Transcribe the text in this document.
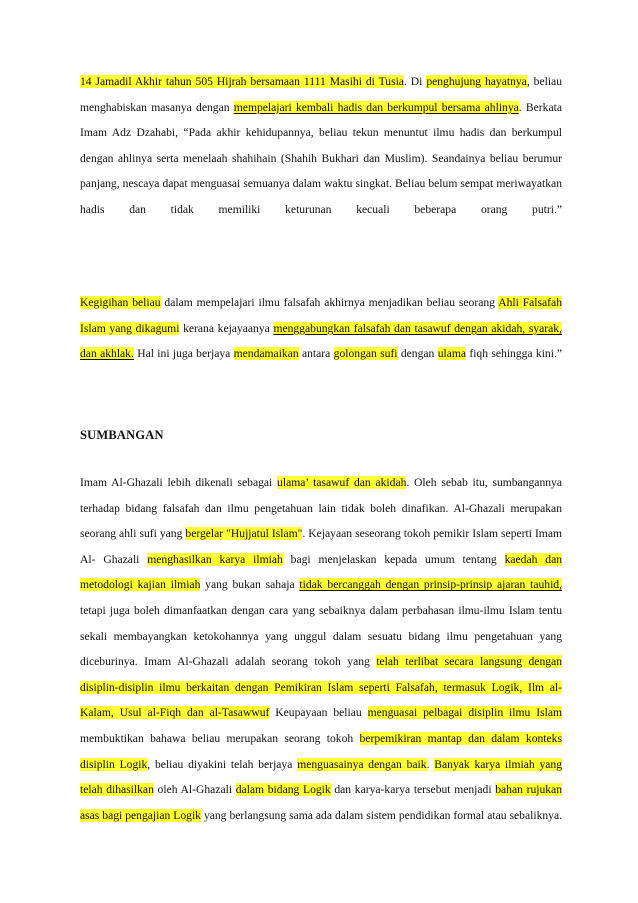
14 Jamadil Akhir tahun 505 Hijrah bersamaan 1111 Masihi di Tusia. Di penghujung hayatnya, beliau menghabiskan masanya dengan mempelajari kembali hadis dan berkumpul bersama ahlinya. Berkata Imam Adz Dzahabi, “Pada akhir kehidupannya, beliau tekun menuntut ilmu hadis dan berkumpul dengan ahlinya serta menelaah shahihain (Shahih Bukhari dan Muslim). Seandainya beliau berumur panjang, nescaya dapat menguasai semuanya dalam waktu singkat. Beliau belum sempat meriwayatkan hadis dan tidak memiliki keturunan kecuali beberapa orang putri.”

Kegigihan beliau dalam mempelajari ilmu falsafah akhirnya menjadikan beliau seorang Ahli Falsafah Islam yang dikagumi kerana kejayaanya menggabungkan falsafah dan tasawuf dengan akidah, syarak, dan akhlak. Hal ini juga berjaya mendamaikan antara golongan sufi dengan ulama fiqh sehingga kini.”

SUMBANGAN

Imam Al-Ghazali lebih dikenali sebagai ulama’ tasawuf dan akidah. Oleh sebab itu, sumbangannya terhadap bidang falsafah dan ilmu pengetahuan lain tidak boleh dinafikan. Al-Ghazali merupakan seorang ahli sufi yang bergelar "Hujjatul Islam". Kejayaan seseorang tokoh pemikir Islam seperti Imam Al- Ghazali menghasilkan karya ilmiah bagi menjelaskan kepada umum tentang kaedah dan metodologi kajian ilmiah yang bukan sahaja tidak bercanggah dengan prinsip-prinsip ajaran tauhid, tetapi juga boleh dimanfaatkan dengan cara yang sebaiknya dalam perbahasan ilmu-ilmu Islam tentu sekali membayangkan ketokohannya yang unggul dalam sesuatu bidang ilmu pengetahuan yang diceburinya. Imam Al-Ghazali adalah seorang tokoh yang telah terlibat secara langsung dengan disiplin-disiplin ilmu berkaitan dengan Pemikiran Islam seperti Falsafah, termasuk Logik, Ilm al-Kalam, Usul al-Fiqh dan al-Tasawwuf Keupayaan beliau menguasai pelbagai disiplin ilmu Islam membuktikan bahawa beliau merupakan seorang tokoh berpemikiran mantap dan dalam konteks disiplin Logik, beliau diyakini telah berjaya menguasainya dengan baik. Banyak karya ilmiah yang telah dihasilkan oleh Al-Ghazali dalam bidang Logik dan karya-karya tersebut menjadi bahan rujukan asas bagi pengajian Logik yang berlangsung sama ada dalam sistem pendidikan formal atau sebaliknya.
